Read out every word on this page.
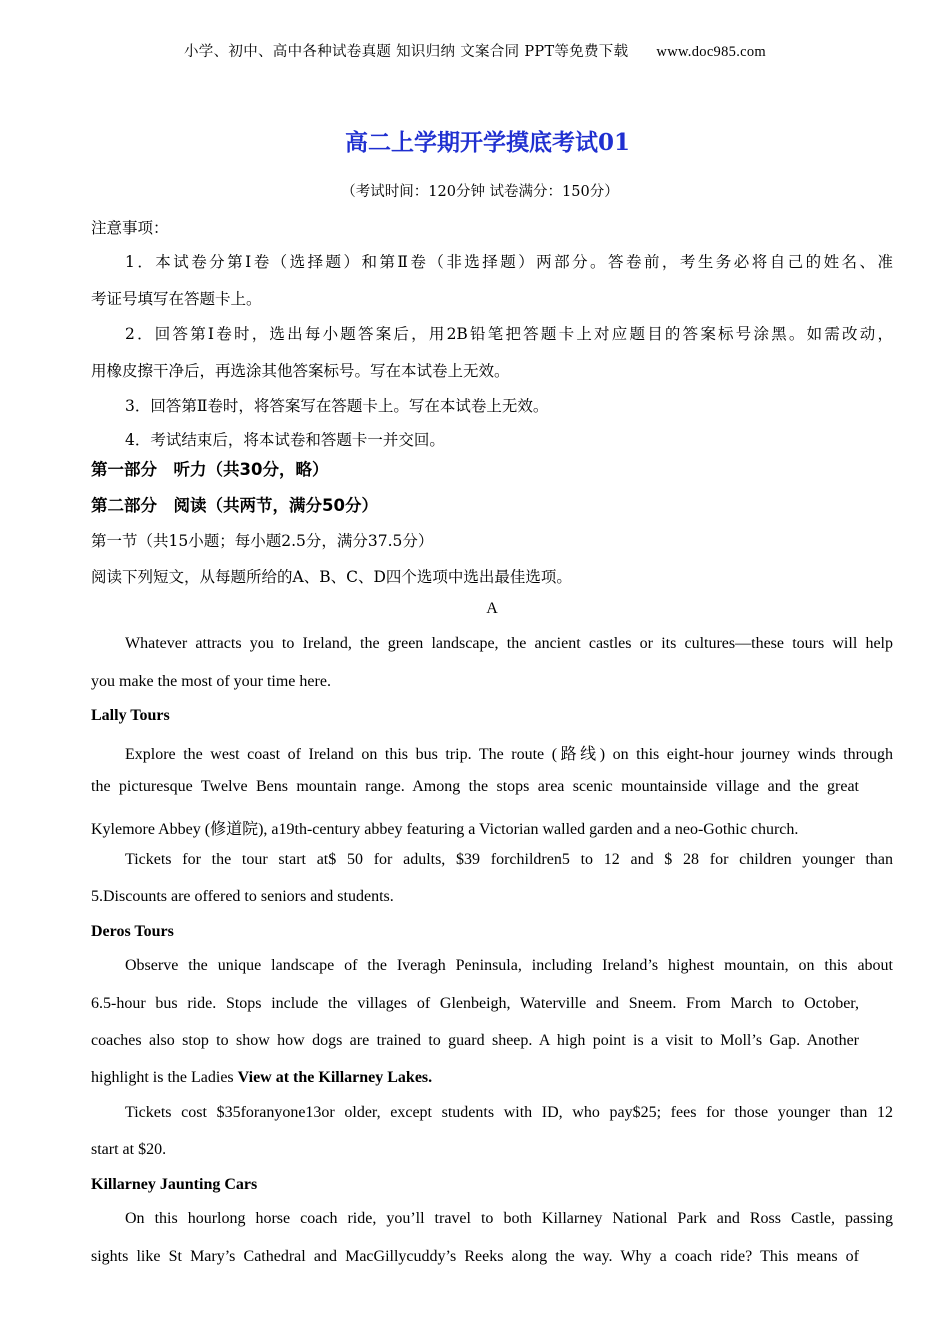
小学、初中、高中各种试卷真题 知识归纳 文案合同 PPT等免费下载 www.doc985.com
高二上学期开学摸底考试01
（考试时间：120分钟 试卷满分：150分）
注意事项：
1．本试卷分第Ⅰ卷（选择题）和第Ⅱ卷（非选择题）两部分。答卷前，考生务必将自己的姓名、准
考证号填写在答题卡上。
2．回答第Ⅰ卷时，选出每小题答案后，用2B铅笔把答题卡上对应题目的答案标号涂黑。如需改动，
用橡皮擦干净后，再选涂其他答案标号。写在本试卷上无效。
3．回答第Ⅱ卷时，将答案写在答题卡上。写在本试卷上无效。
4．考试结束后，将本试卷和答题卡一并交回。
第一部分　听力（共30分，略）
第二部分　阅读（共两节，满分50分）
第一节（共15小题；每小题2.5分，满分37.5分）
阅读下列短文，从每题所给的A、B、C、D四个选项中选出最佳选项。
A
Whatever attracts you to Ireland, the green landscape, the ancient castles or its cultures—these tours will help
you make the most of your time here.
Lally Tours
Explore the west coast of Ireland on this bus trip. The route (路线) on this eight-hour journey winds through
the picturesque Twelve Bens mountain range. Among the stops area scenic mountainside village and the great
Kylemore Abbey (修道院), a19th-century abbey featuring a Victorian walled garden and a neo-Gothic church.
Tickets for the tour start at$ 50 for adults, $39 forchildren5 to 12 and $ 28 for children younger than
5.Discounts are offered to seniors and students.
Deros Tours
Observe the unique landscape of the Iveragh Peninsula, including Ireland’s highest mountain, on this about
6.5-hour bus ride. Stops include the villages of Glenbeigh, Waterville and Sneem. From March to October,
coaches also stop to show how dogs are trained to guard sheep. A high point is a visit to Moll’s Gap. Another
highlight is the Ladies View at the Killarney Lakes.
Tickets cost $35foranyone13or older, except students with ID, who pay$25; fees for those younger than 12
start at $20.
Killarney Jaunting Cars
On this hourlong horse coach ride, you’ll travel to both Killarney National Park and Ross Castle, passing
sights like St Mary’s Cathedral and MacGillycuddy’s Reeks along the way. Why a coach ride? This means of
